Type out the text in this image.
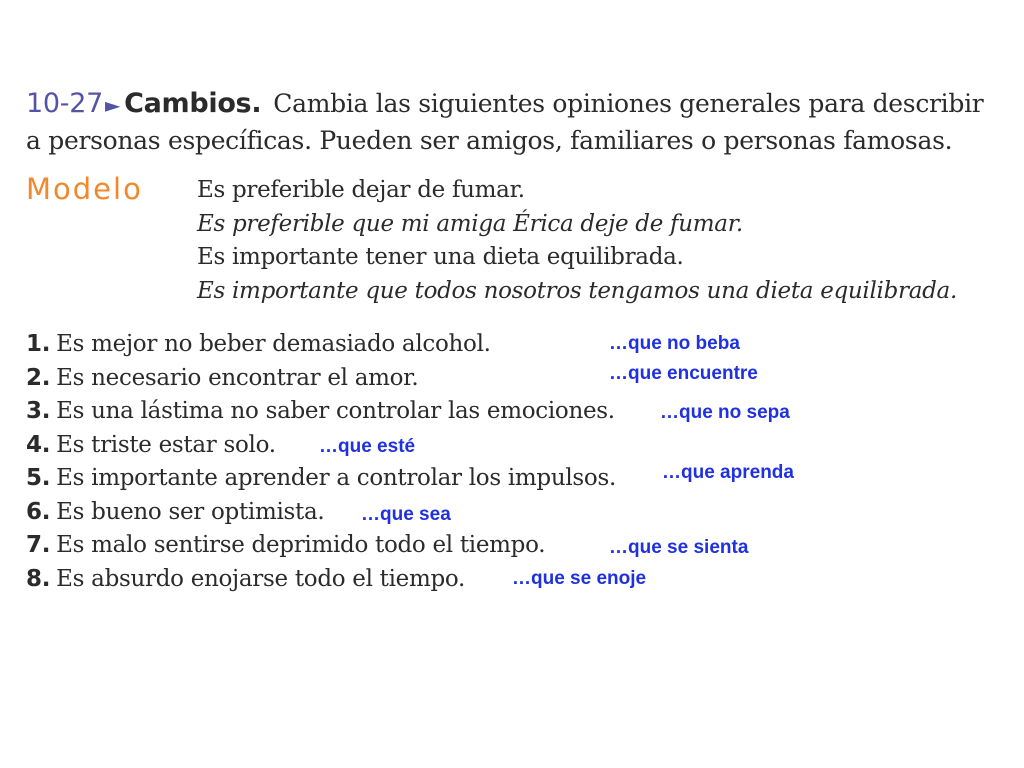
10-27 ► Cambios. Cambia las siguientes opiniones generales para describir
a personas específicas. Pueden ser amigos, familiares o personas famosas.
Modelo Es preferible dejar de fumar.
Es preferible que mi amiga Érica deje de fumar.
Es importante tener una dieta equilibrada.
Es importante que todos nosotros tengamos una dieta equilibrada.
1. Es mejor no beber demasiado alcohol.
2. Es necesario encontrar el amor.
3. Es una lástima no saber controlar las emociones.
4. Es triste estar solo.
5. Es importante aprender a controlar los impulsos.
6. Es bueno ser optimista.
7. Es malo sentirse deprimido todo el tiempo.
8. Es absurdo enojarse todo el tiempo.
…que no beba
…que encuentre
…que no sepa
…que esté
…que aprenda
…que sea
…que se sienta
…que se enoje
